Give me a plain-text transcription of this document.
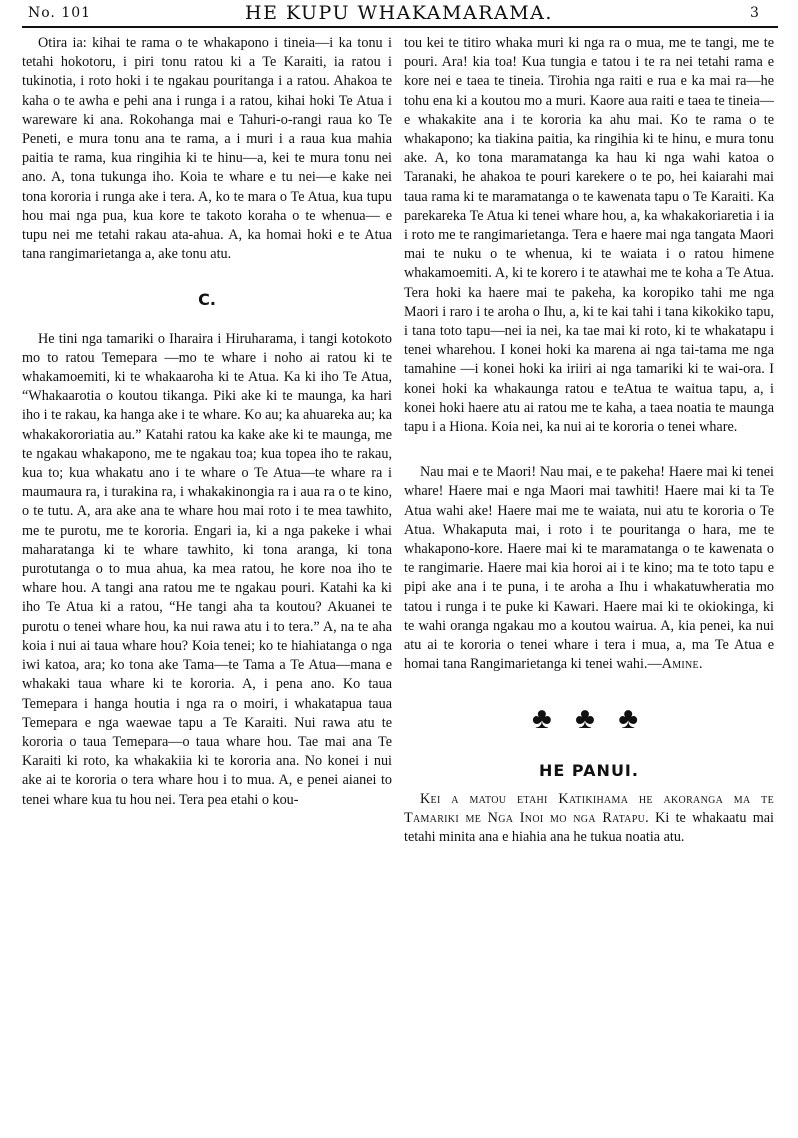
No. 101	HE KUPU WHAKAMARAMA.	3

Otira ia: kihai te rama o te whakapono i tineia—i ka tonu i tetahi hokotoru, i piri tonu ratou ki a Te Karaiti, ia ratou i tukinotia, i roto hoki i te ngakau pouritanga i a ratou. Ahakoa te kaha o te awha e pehi ana i runga i a ratou, kihai hoki Te Atua i wareware ki ana. Rokohanga mai e Tahuri-o-rangi raua ko Te Peneti, e mura tonu ana te rama, a i muri i a raua kua mahia paitia te rama, kua ringihia ki te hinu—a, kei te mura tonu nei ano. A, tona tukunga iho. Koia te whare e tu nei—e kake nei tona kororia i runga ake i tera. A, ko te mara o Te Atua, kua tupu hou mai nga pua, kua kore te takoto koraha o te whenua— e tupu nei me tetahi rakau ata-ahua. A, ka homai hoki e te Atua tana rangimarietanga a, ake tonu atu.

C.

He tini nga tamariki o Iharaira i Hiruharama, i tangi kotokoto mo to ratou Temepara —mo te whare i noho ai ratou ki te whakamoemiti, ki te whakaaroha ki te Atua. Ka ki iho Te Atua, “Whakaarotia o koutou tikanga. Piki ake ki te maunga, ka hari iho i te rakau, ka hanga ake i te whare. Ko au; ka ahuareka au; ka whakakororiatia au.” Katahi ratou ka kake ake ki te maunga, me te ngakau whakapono, me te ngakau toa; kua topea iho te rakau, kua to; kua whakatu ano i te whare o Te Atua—te whare ra i maumaura ra, i turakina ra, i whakakinongia ra i aua ra o te kino, o te tutu. A, ara ake ana te whare hou mai roto i te mea tawhito, me te purotu, me te kororia. Engari ia, ki a nga pakeke i whai maharatanga ki te whare tawhito, ki tona aranga, ki tona purotutanga o to mua ahua, ka mea ratou, he kore noa iho te whare hou. A tangi ana ratou me te ngakau pouri. Katahi ka ki iho Te Atua ki a ratou, “He tangi aha ta koutou? Akuanei te purotu o tenei whare hou, ka nui rawa atu i to tera.” A, na te aha koia i nui ai taua whare hou? Koia tenei; ko te hiahiatanga o nga iwi katoa, ara; ko tona ake Tama—te Tama a Te Atua—mana e whakaki taua whare ki te kororia. A, i pena ano. Ko taua Temepara i hanga houtia i nga ra o moiri, i whakatapua taua Temepara e nga waewae tapu a Te Karaiti. Nui rawa atu te kororia o taua Temepara—o taua whare hou. Tae mai ana Te Karaiti ki roto, ka whakakiia ki te kororia ana. No konei i nui ake ai te kororia o tera whare hou i to mua. A, e penei aianei to tenei whare kua tu hou nei. Tera pea etahi o kou-

tou kei te titiro whaka muri ki nga ra o mua, me te tangi, me te pouri. Ara! kia toa! Kua tungia e tatou i te ra nei tetahi rama e kore nei e taea te tineia. Tirohia nga raiti e rua e ka mai ra—he tohu ena ki a koutou mo a muri. Kaore aua raiti e taea te tineia—e whakakite ana i te kororia ka ahu mai. Ko te rama o te whakapono; ka tiakina paitia, ka ringihia ki te hinu, e mura tonu ake. A, ko tona maramatanga ka hau ki nga wahi katoa o Taranaki, he ahakoa te pouri karekere o te po, hei kaiarahi mai taua rama ki te maramatanga o te kawenata tapu o Te Karaiti. Ka parekareka Te Atua ki tenei whare hou, a, ka whakakoriaretia i ia i roto me te rangimarietanga. Tera e haere mai nga tangata Maori mai te nuku o te whenua, ki te waiata i o ratou himene whakamoemiti. A, ki te korero i te atawhai me te koha a Te Atua. Tera hoki ka haere mai te pakeha, ka koropiko tahi me nga Maori i raro i te aroha o Ihu, a, ki te kai tahi i tana kikokiko tapu, i tana toto tapu—nei ia nei, ka tae mai ki roto, ki te whakatapu i tenei wharehou. I konei hoki ka marena ai nga tai-tama me nga tamahine —i konei hoki ka iriiri ai nga tamariki ki te wai-ora. I konei hoki ka whakaunga ratou e teAtua te waitua tapu, a, i konei hoki haere atu ai ratou me te kaha, a taea noatia te maunga tapu i a Hiona. Koia nei, ka nui ai te kororia o tenei whare.

Nau mai e te Maori! Nau mai, e te pakeha! Haere mai ki tenei whare! Haere mai e nga Maori mai tawhiti! Haere mai ki ta Te Atua wahi ake! Haere mai me te waiata, nui atu te kororia o Te Atua. Whakaputa mai, i roto i te pouritanga o hara, me te whakapono-kore. Haere mai ki te maramatanga o te kawenata o te rangimarie. Haere mai kia horoi ai i te kino; ma te toto tapu e pipi ake ana i te puna, i te aroha a Ihu i whakatuwheratia mo tatou i runga i te puke ki Kawari. Haere mai ki te okiokinga, ki te wahi oranga ngakau mo a koutou wairua. A, kia penei, ka nui atu ai te kororia o tenei whare i tera i mua, a, ma Te Atua e homai tana Rangimarietanga ki tenei wahi.—Amine.

♣ ♣ ♣
HE PANUI.

Kei a matou etahi Katikihama he akoranga ma te Tamariki me Nga Inoi mo nga Ratapu. Ki te whakaatu mai tetahi minita ana e hiahia ana he tukua noatia atu.
